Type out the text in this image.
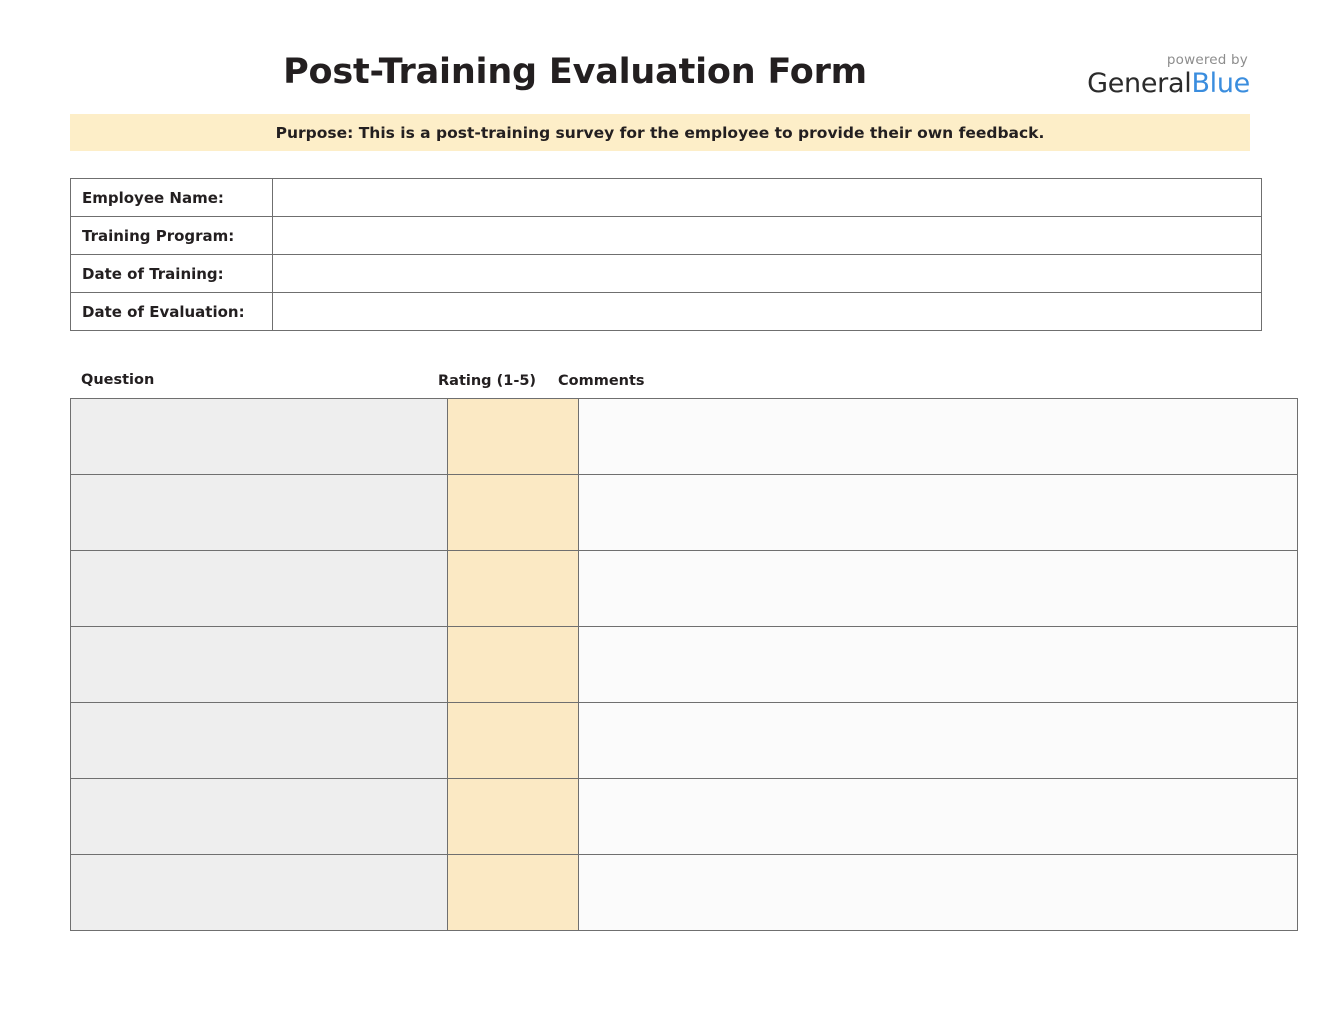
Post-Training Evaluation Form	powered by
GeneralBlue
Purpose: This is a post-training survey for the employee to provide their own feedback.
Employee Name:	
Training Program:	
Date of Training:	
Date of Evaluation:	
Question	Rating (1-5) Comments
